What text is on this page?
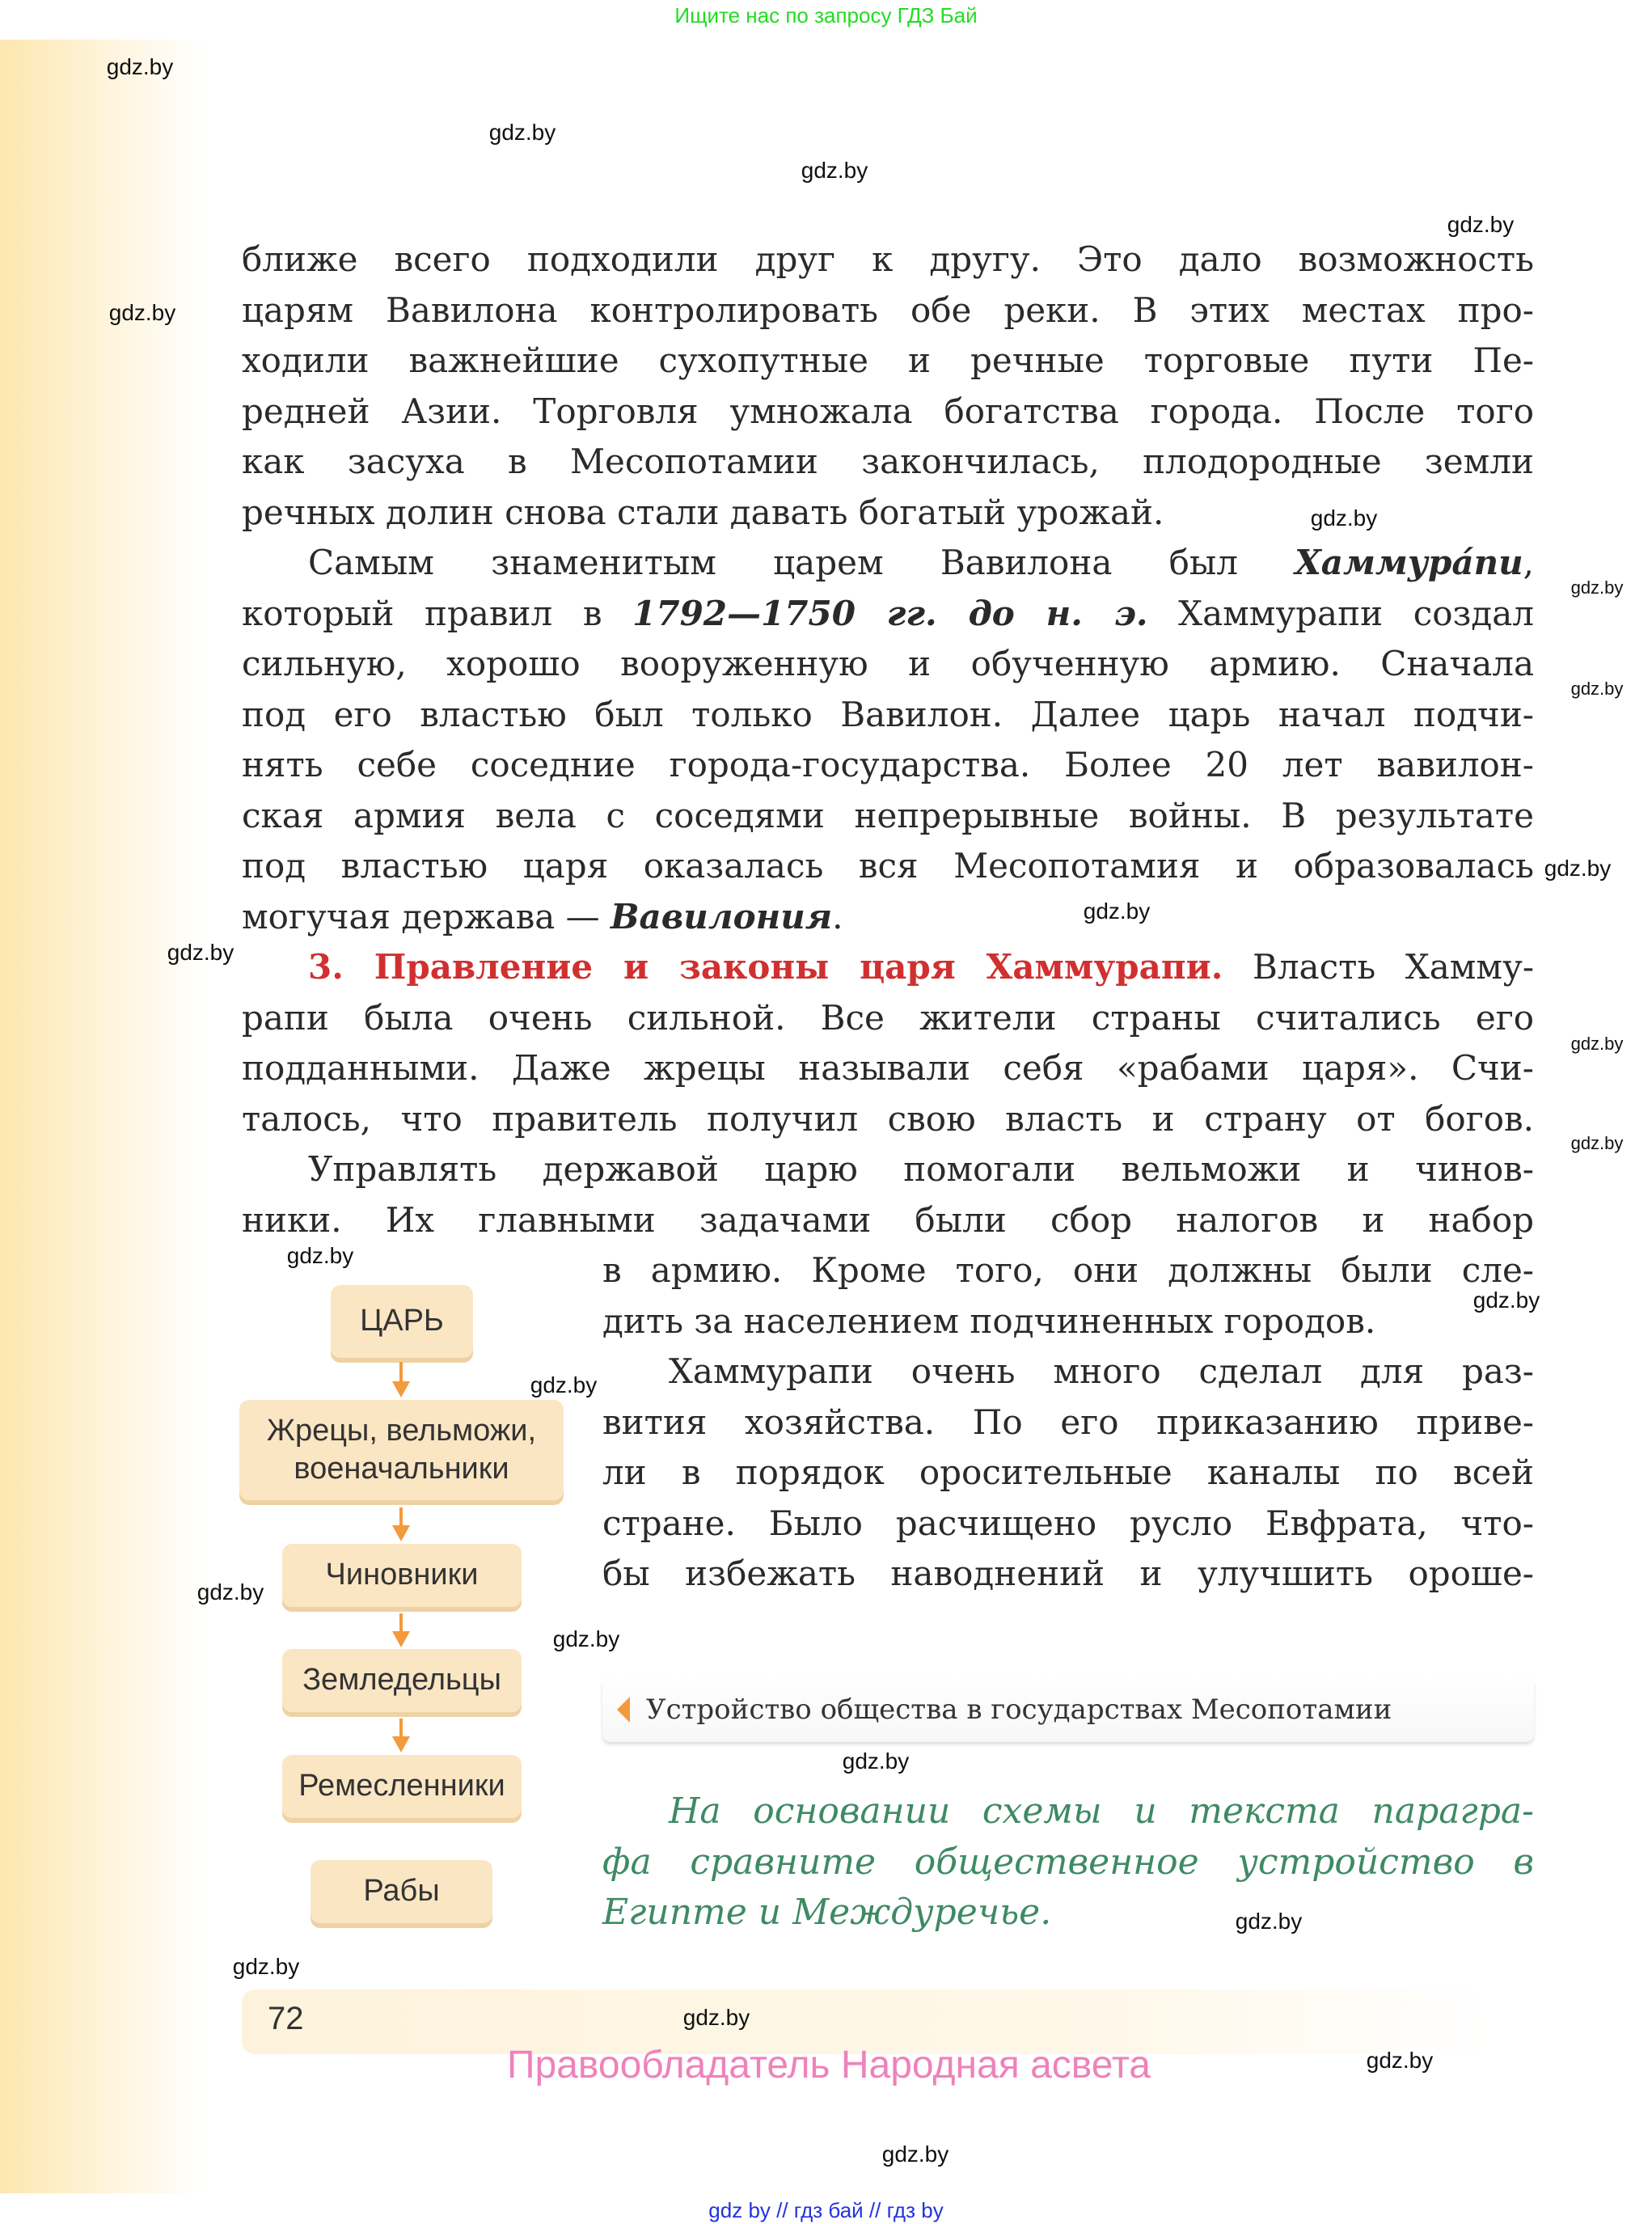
Ищите нас по запросу ГДЗ Бай
ближе всего подходили друг к другу. Это дало возможность
царям Вавилона контролировать обе реки. В этих местах про-
ходили важнейшие сухопутные и речные торговые пути Пе-
редней Азии. Торговля умножала богатства города. После того
как засуха в Месопотамии закончилась, плодородные земли
речных долин снова стали давать богатый урожай.
Самым знаменитым царем Вавилона был Хаммура́пи,
который правил в 1792—1750 гг. до н. э. Хаммурапи создал
сильную, хорошо вооруженную и обученную армию. Сначала
под его властью был только Вавилон. Далее царь начал подчи-
нять себе соседние города-государства. Более 20 лет вавилон-
ская армия вела с соседями непрерывные войны. В результате
под властью царя оказалась вся Месопотамия и образовалась
могучая держава — Вавилония.
3. Правление и законы царя Хаммурапи. Власть Хамму-
рапи была очень сильной. Все жители страны считались его
подданными. Даже жрецы называли себя «рабами царя». Счи-
талось, что правитель получил свою власть и страну от богов.
Управлять державой царю помогали вельможи и чинов-
ники. Их главными задачами были сбор налогов и набор
в армию. Кроме того, они должны были сле-
дить за населением подчиненных городов.
Хаммурапи очень много сделал для раз-
вития хозяйства. По его приказанию приве-
ли в порядок оросительные каналы по всей
стране. Было расчищено русло Евфрата, что-
бы избежать наводнений и улучшить ороше-
ЦАРЬ
Жрецы, вельможи, военачальники
Чиновники
Земледельцы
Ремесленники
Рабы
Устройство общества в государствах Месопотамии
На основании схемы и текста парагра-
фа сравните общественное устройство в
Египте и Междуречье.
72
Правообладатель Народная асвета
gdz by // гдз бай // гдз by
gdz.by
gdz.by
gdz.by
gdz.by
gdz.by
gdz.by
gdz.by
gdz.by
gdz.by
gdz.by
gdz.by
gdz.by
gdz.by
gdz.by
gdz.by
gdz.by
gdz.by
gdz.by
gdz.by
gdz.by
gdz.by
gdz.by
gdz.by
gdz.by
